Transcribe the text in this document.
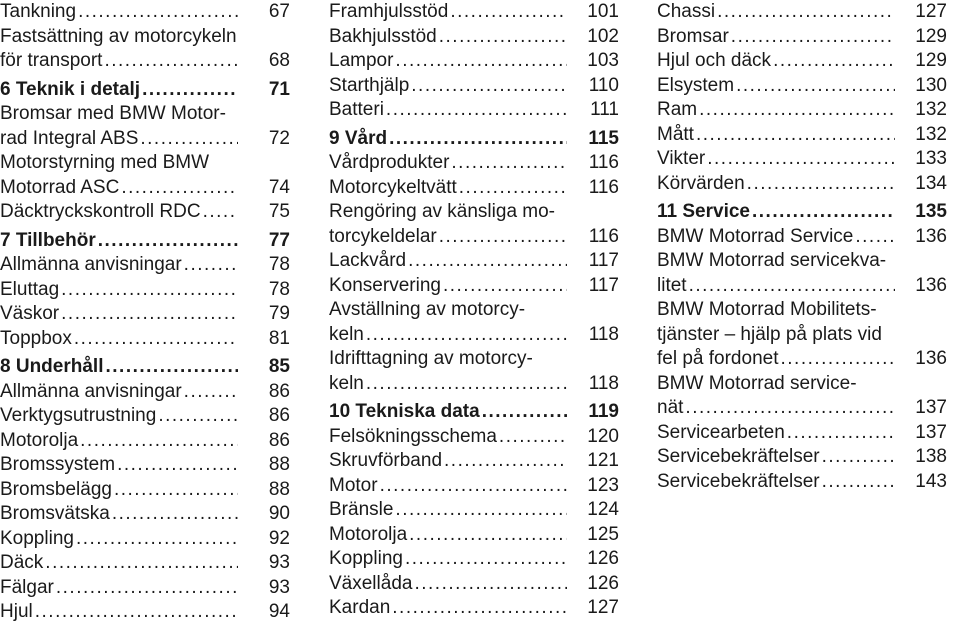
Tankning .....	67
Fastsättning av motorcykeln
för transport .....	68
6 Teknik i detalj .....	71
Bromsar med BMW Motor-
rad Integral ABS .....	72
Motorstyrning med BMW
Motorrad ASC .....	74
Däcktryckskontroll RDC .....	75
7 Tillbehör .....	77
Allmänna anvisningar .....	78
Eluttag .....	78
Väskor .....	79
Toppbox .....	81
8 Underhåll .....	85
Allmänna anvisningar .....	86
Verktygsutrustning .....	86
Motorolja .....	86
Bromssystem .....	88
Bromsbelägg .....	88
Bromsvätska .....	90
Koppling .....	92
Däck .....	93
Fälgar .....	93
Hjul .....	94
Framhjulsstöd .....	101
Bakhjulsstöd .....	102
Lampor .....	103
Starthjälp .....	110
Batteri .....	111
9 Vård .....	115
Vårdprodukter .....	116
Motorcykeltvätt .....	116
Rengöring av känsliga mo-
torcykeldelar .....	116
Lackvård .....	117
Konservering .....	117
Avställning av motorcy-
keln .....	118
Idrifttagning av motorcy-
keln .....	118
10 Tekniska data .....	119
Felsökningsschema .....	120
Skruvförband .....	121
Motor .....	123
Bränsle .....	124
Motorolja .....	125
Koppling .....	126
Växellåda .....	126
Kardan .....	127
Chassi .....	127
Bromsar .....	129
Hjul och däck .....	129
Elsystem .....	130
Ram .....	132
Mått .....	132
Vikter .....	133
Körvärden .....	134
11 Service .....	135
BMW Motorrad Service .....	136
BMW Motorrad servicekva-
litet .....	136
BMW Motorrad Mobilitets-
tjänster – hjälp på plats vid
fel på fordonet .....	136
BMW Motorrad service-
nät .....	137
Servicearbeten .....	137
Servicebekräftelser .....	138
Servicebekräftelser .....	143
